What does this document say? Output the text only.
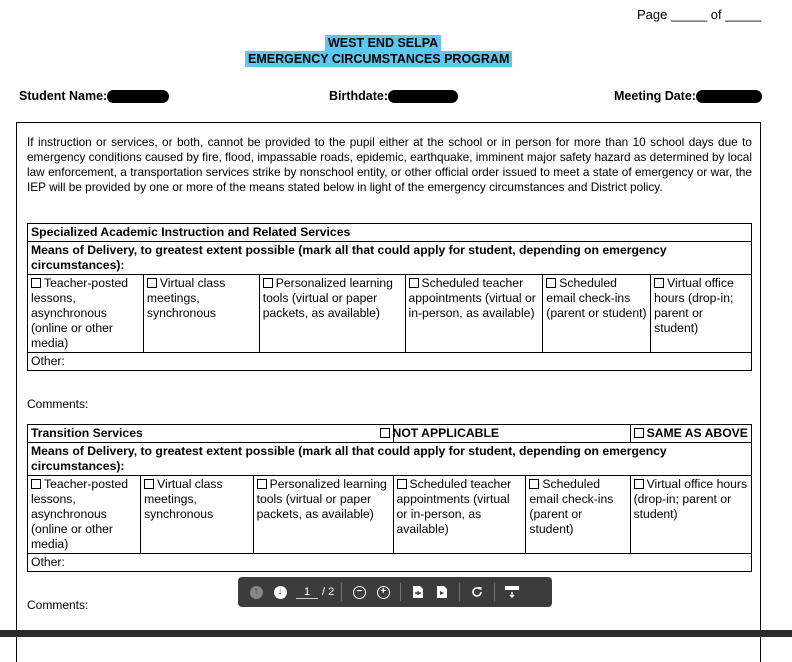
Page _____ of _____
WEST END SELPA
EMERGENCY CIRCUMSTANCES PROGRAM
Student Name:	Birthdate:	Meeting Date:
If instruction or services, or both, cannot be provided to the pupil either at the school or in person for more than 10 school days due to emergency conditions caused by fire, flood, impassable roads, epidemic, earthquake, imminent major safety hazard as determined by local law enforcement, a transportation services strike by nonschool entity, or other official order issued to meet a state of emergency or war, the IEP will be provided by one or more of the means stated below in light of the emergency circumstances and District policy.
Specialized Academic Instruction and Related Services
Means of Delivery, to greatest extent possible (mark all that could apply for student, depending on emergency circumstances):
Teacher-posted lessons, asynchronous (online or other media)	Virtual class meetings, synchronous	Personalized learning tools (virtual or paper packets, as available)	Scheduled teacher appointments (virtual or in-person, as available)	Scheduled email check-ins (parent or student)	Virtual office hours (drop-in; parent or student)
Other:
Comments:
Transition Services			NOT APPLICABLE		SAME AS ABOVE
Means of Delivery, to greatest extent possible (mark all that could apply for student, depending on emergency circumstances):					
Teacher-posted lessons, asynchronous (online or other media)	Virtual class meetings, synchronous	Personalized learning tools (virtual or paper packets, as available)	Scheduled teacher appointments (virtual or in-person, as available)	Scheduled email check-ins (parent or student)	Virtual office hours (drop-in; parent or student)
Other:					
Comments:
↑	↓	1	/ 2	−	+
